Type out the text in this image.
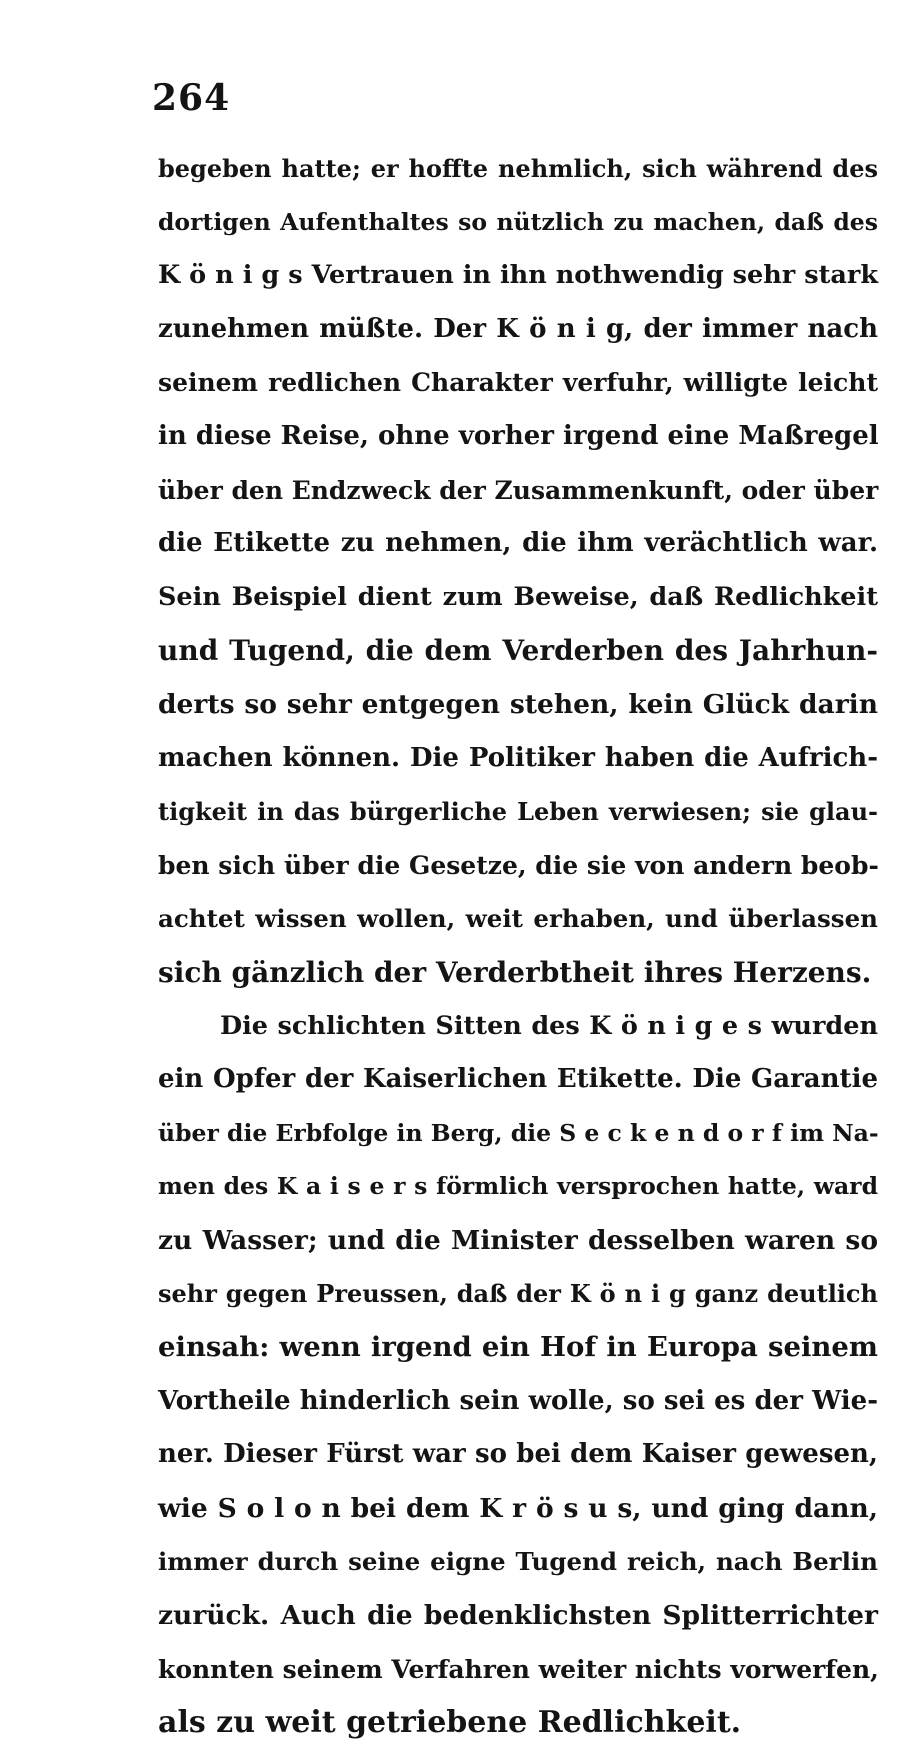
264
begeben hatte; er hoffte nehmlich, sich während des
dortigen Aufenthaltes so nützlich zu machen, daß des
K ö n i g s Vertrauen in ihn nothwendig sehr stark
zunehmen müßte. Der K ö n i g, der immer nach
seinem redlichen Charakter verfuhr, willigte leicht
in diese Reise, ohne vorher irgend eine Maßregel
über den Endzweck der Zusammenkunft, oder über
die Etikette zu nehmen, die ihm verächtlich war.
Sein Beispiel dient zum Beweise, daß Redlichkeit
und Tugend, die dem Verderben des Jahrhun-
derts so sehr entgegen stehen, kein Glück darin
machen können. Die Politiker haben die Aufrich-
tigkeit in das bürgerliche Leben verwiesen; sie glau-
ben sich über die Gesetze, die sie von andern beob-
achtet wissen wollen, weit erhaben, und überlassen
sich gänzlich der Verderbtheit ihres Herzens.
Die schlichten Sitten des K ö n i g e s wurden
ein Opfer der Kaiserlichen Etikette. Die Garantie
über die Erbfolge in Berg, die S e c k e n d o r f im Na-
men des K a i s e r s förmlich versprochen hatte, ward
zu Wasser; und die Minister desselben waren so
sehr gegen Preussen, daß der K ö n i g ganz deutlich
einsah: wenn irgend ein Hof in Europa seinem
Vortheile hinderlich sein wolle, so sei es der Wie-
ner. Dieser Fürst war so bei dem Kaiser gewesen,
wie S o l o n bei dem K r ö s u s, und ging dann,
immer durch seine eigne Tugend reich, nach Berlin
zurück. Auch die bedenklichsten Splitterrichter
konnten seinem Verfahren weiter nichts vorwerfen,
als zu weit getriebene Redlichkeit.
